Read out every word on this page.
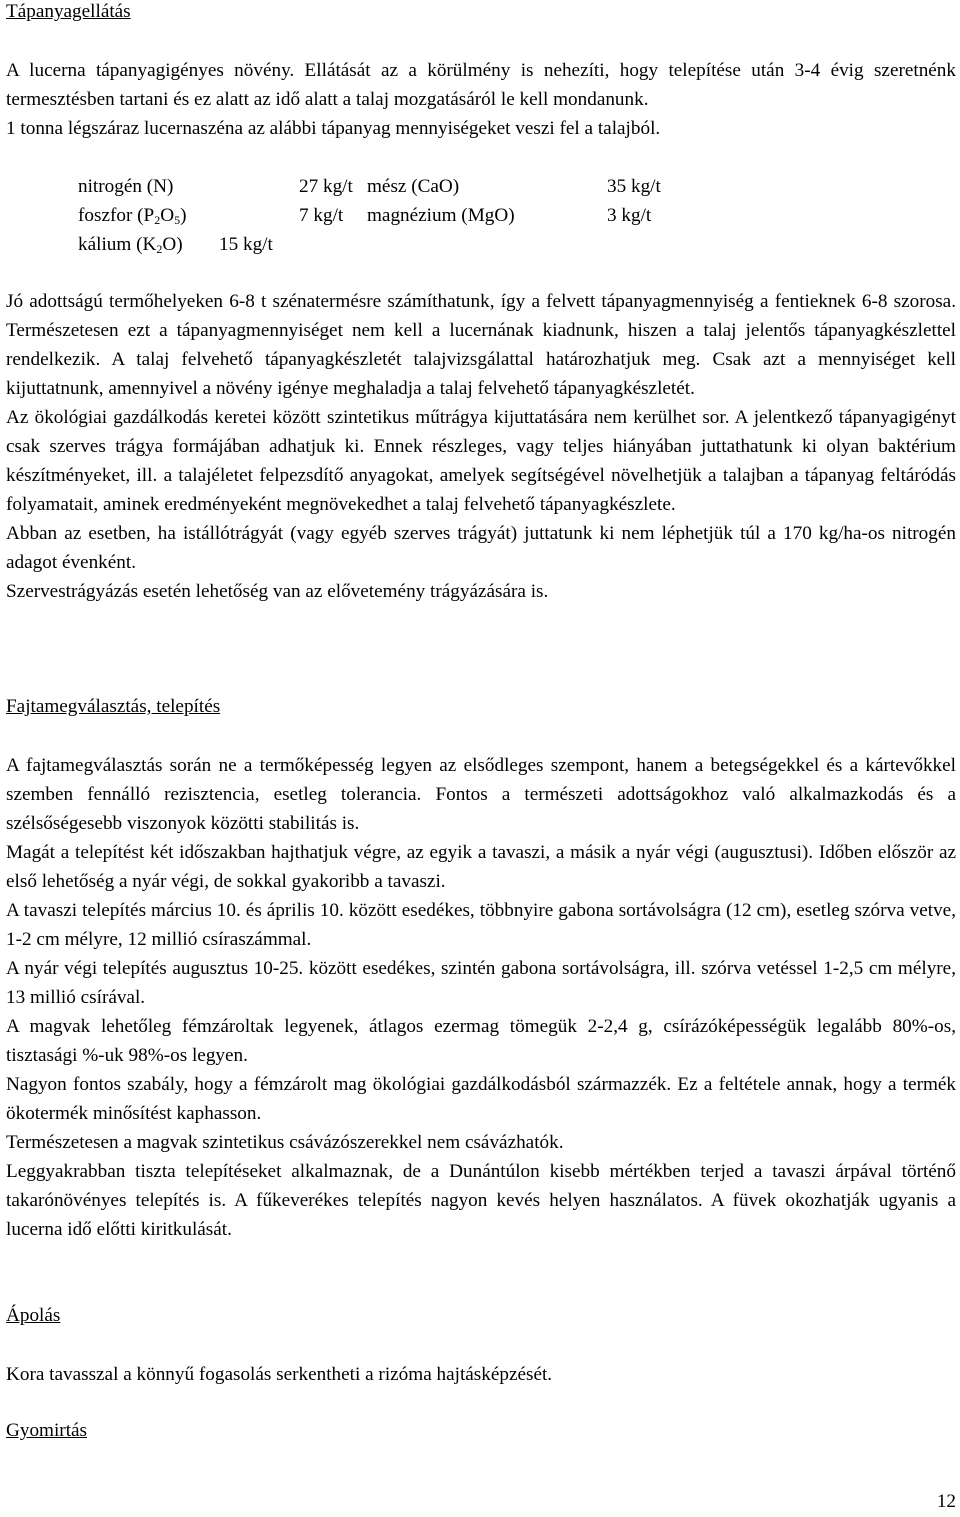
Tápanyagellátás

A lucerna tápanyagigényes növény. Ellátását az a körülmény is nehezíti, hogy telepítése után 3-4 évig szeretnénk termesztésben tartani és ez alatt az idő alatt a talaj mozgatásáról le kell mondanunk.

1 tonna légszáraz lucernaszéna az alábbi tápanyag mennyiségeket veszi fel a talajból.

nitrogén (N)	27 kg/t mész (CaO)	35 kg/t
foszfor $(P_2O_5)$	7 kg/t magnézium (MgO)	3 kg/t
kálium $(K_2O)$ 15 kg/t

Jó adottságú termőhelyeken 6-8 t szénatermésre számíthatunk, így a felvett tápanyagmennyiség a fentieknek 6-8 szorosa. Természetesen ezt a tápanyagmennyiséget nem kell a lucernának kiadnunk, hiszen a talaj jelentős tápanyagkészlettel rendelkezik. A talaj felvehető tápanyagkészletét talajvizsgálattal határozhatjuk meg. Csak azt a mennyiséget kell kijuttatnunk, amennyivel a növény igénye meghaladja a talaj felvehető tápanyagkészletét.

Az ökológiai gazdálkodás keretei között szintetikus műtrágya kijuttatására nem kerülhet sor. A jelentkező tápanyagigényt csak szerves trágya formájában adhatjuk ki. Ennek részleges, vagy teljes hiányában juttathatunk ki olyan baktérium készítményeket, ill. a talajéletet felpezsdítő anyagokat, amelyek segítségével növelhetjük a talajban a tápanyag feltáródás folyamatait, aminek eredményeként megnövekedhet a talaj felvehető tápanyagkészlete.

Abban az esetben, ha istállótrágyát (vagy egyéb szerves trágyát) juttatunk ki nem léphetjük túl a 170 kg/ha-os nitrogén adagot évenként.

Szervestrágyázás esetén lehetőség van az elővetemény trágyázására is.

Fajtamegválasztás, telepítés

A fajtamegválasztás során ne a termőképesség legyen az elsődleges szempont, hanem a betegségekkel és a kártevőkkel szemben fennálló rezisztencia, esetleg tolerancia. Fontos a természeti adottságokhoz való alkalmazkodás és a szélsőségesebb viszonyok közötti stabilitás is.

Magát a telepítést két időszakban hajthatjuk végre, az egyik a tavaszi, a másik a nyár végi (augusztusi). Időben először az első lehetőség a nyár végi, de sokkal gyakoribb a tavaszi.

A tavaszi telepítés március 10. és április 10. között esedékes, többnyire gabona sortávolságra (12 cm), esetleg szórva vetve, 1-2 cm mélyre, 12 millió csíraszámmal.

A nyár végi telepítés augusztus 10-25. között esedékes, szintén gabona sortávolságra, ill. szórva vetéssel 1-2,5 cm mélyre, 13 millió csírával.

A magvak lehetőleg fémzároltak legyenek, átlagos ezermag tömegük 2-2,4 g, csírázóképességük legalább 80%-os, tisztasági %-uk 98%-os legyen.

Nagyon fontos szabály, hogy a fémzárolt mag ökológiai gazdálkodásból származzék. Ez a feltétele annak, hogy a termék ökotermék minősítést kaphasson.

Természetesen a magvak szintetikus csávázószerekkel nem csávázhatók.

Leggyakrabban tiszta telepítéseket alkalmaznak, de a Dunántúlon kisebb mértékben terjed a tavaszi árpával történő takarónövényes telepítés is. A fűkeverékes telepítés nagyon kevés helyen használatos. A füvek okozhatják ugyanis a lucerna idő előtti kiritkulását.

Ápolás

Kora tavasszal a könnyű fogasolás serkentheti a rizóma hajtásképzését.

Gyomirtás
12
